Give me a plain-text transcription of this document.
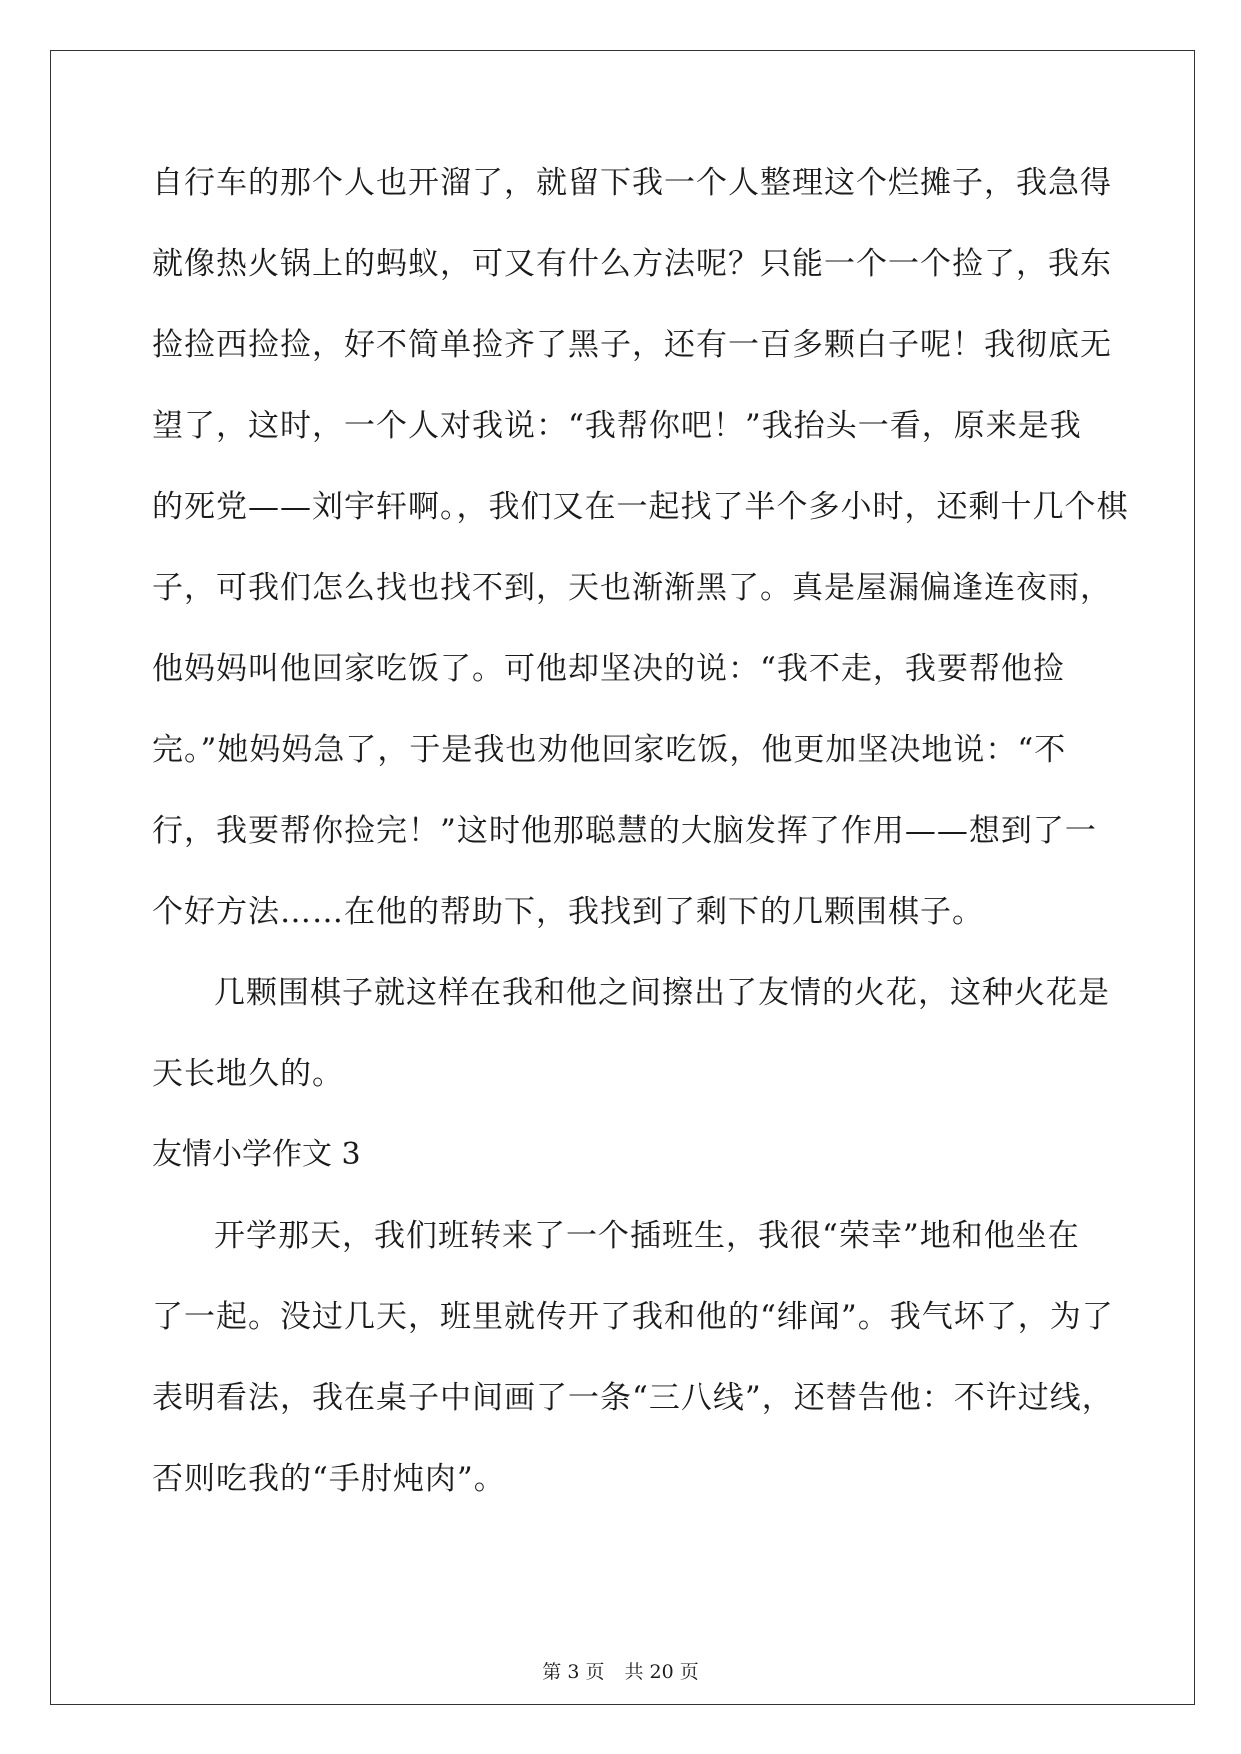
自行车的那个人也开溜了，就留下我一个人整理这个烂摊子，我急得
就像热火锅上的蚂蚁，可又有什么方法呢？只能一个一个捡了，我东
捡捡西捡捡，好不简单捡齐了黑子，还有一百多颗白子呢！我彻底无
望了，这时，一个人对我说：“我帮你吧！”我抬头一看，原来是我
的死党——刘宇轩啊。，我们又在一起找了半个多小时，还剩十几个棋
子，可我们怎么找也找不到，天也渐渐黑了。真是屋漏偏逢连夜雨，
他妈妈叫他回家吃饭了。可他却坚决的说：“我不走，我要帮他捡
完。”她妈妈急了，于是我也劝他回家吃饭，他更加坚决地说：“不
行，我要帮你捡完！”这时他那聪慧的大脑发挥了作用——想到了一
个好方法……在他的帮助下，我找到了剩下的几颗围棋子。
几颗围棋子就这样在我和他之间擦出了友情的火花，这种火花是
天长地久的。
友情小学作文 3
开学那天，我们班转来了一个插班生，我很“荣幸”地和他坐在
了一起。没过几天，班里就传开了我和他的“绯闻”。我气坏了，为了
表明看法，我在桌子中间画了一条“三八线”，还替告他：不许过线，
否则吃我的“手肘炖肉”。
第 3 页 共 20 页
